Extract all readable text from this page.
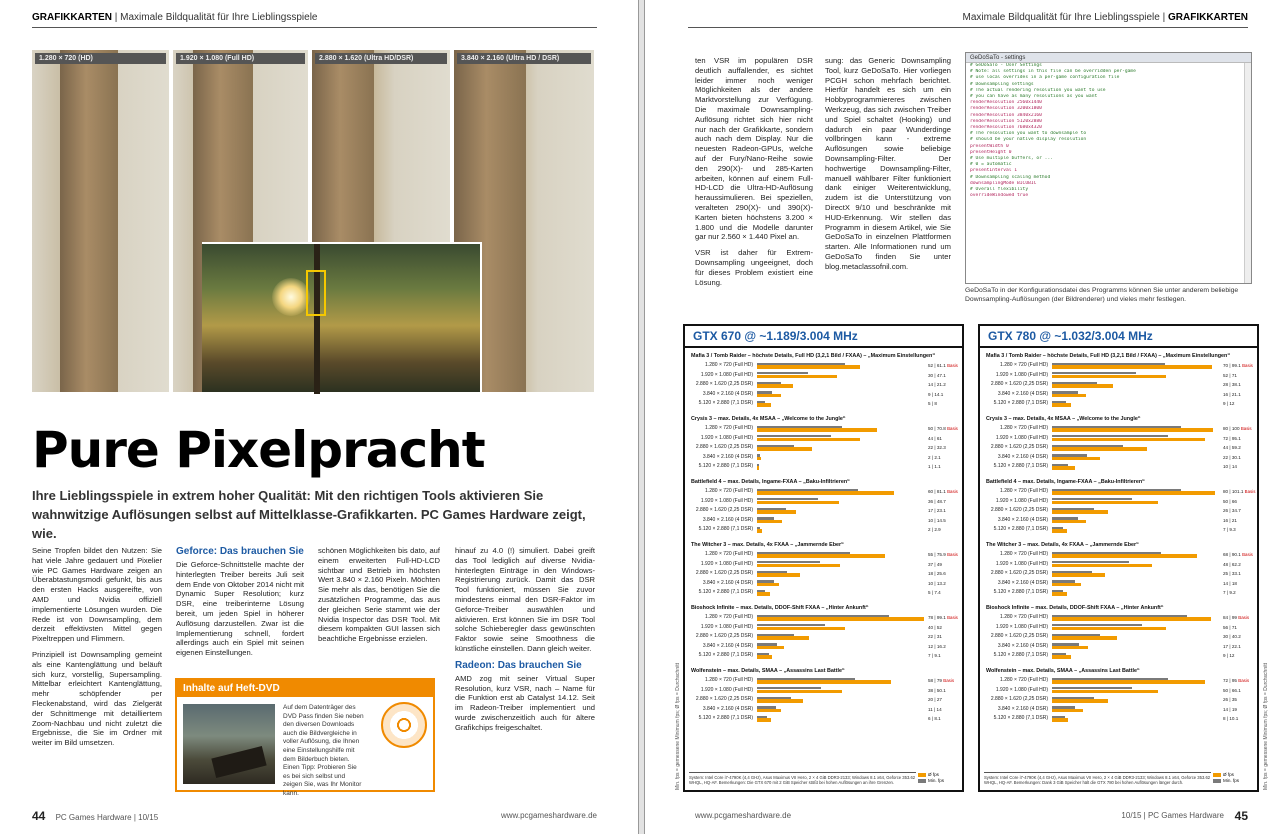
GRAFIKKARTEN | Maximale Bildqualität für Ihre Lieblingsspiele
1.280 × 720 (HD)	1.920 × 1.080 (Full HD)	2.880 × 1.620 (Ultra HD/DSR)	3.840 × 2.160 (Ultra HD / DSR)
Pure Pixelpracht

Ihre Lieblingsspiele in extrem hoher Qualität: Mit den richtigen Tools aktivieren Sie wahnwitzige Auflösungen selbst auf Mittelklasse-Grafikkarten. PC Games Hardware zeigt, wie.

Seine Tropfen bildet den Nutzen: Sie hat viele Jahre gedauert und Pixelier wie PC Games Hardware zeigen an Überabtastungsmodi gefunkt, bis aus den ersten Hacks ausgereifte, von AMD und Nvidia offiziell implementierte Lösungen wurden. Die Rede ist von Downsampling, dem derzeit effektivsten Mittel gegen Pixeltreppen und Flimmern.

Prinzipiell ist Downsampling gemeint als eine Kantenglättung und beläuft sich kurz, vorstellig, Supersampling. Mittelbar erleichtert Kantenglättung, mehr schöpfender per Fleckenabstand, wird das Zielgerät der Schnittmenge mit detailliertem Zoom-Nachbau und nicht zuletzt die Ergebnisse, die Sie im Ordner mit weiter im Bild umsetzen.

Geforce: Das brauchen Sie

Die Geforce-Schnittstelle machte der hinterlegten Treiber bereits Juli seit dem Ende von Oktober 2014 nicht mit Dynamic Super Resolution; kurz DSR, eine treiberinterne Lösung bereit, um jeden Spiel in höherer Auflösung darzustellen. Zwar ist die Implementierung schnell, fordert allerdings auch ein Spiel mit seinen eigenen Einstellungen.

schönen Möglichkeiten bis dato, auf einem erweiterten Full-HD-LCD sichtbar und Betrieb im höchsten Wert 3.840 × 2.160 Pixeln. Möchten Sie mehr als das, benötigen Sie die zusätzlichen Programme, das aus der gleichen Serie stammt wie der Nvidia Inspector das DSR Tool. Mit diesem kompakten GUI lassen sich beachtliche Ergebnisse erzielen.

hinauf zu 4.0 (!) simuliert. Dabei greift das Tool lediglich auf diverse Nvidia-hinterlegten Einträge in den Windows-Registrierung zurück. Damit das DSR Tool funktioniert, müssen Sie zuvor mindestens einmal den DSR-Faktor im Geforce-Treiber auswählen und aktivieren. Erst können Sie im DSR Tool solche Schieberegler dass gewünschten Faktor sowie seine Smoothness die künstliche einstellen. Dann gleich weiter.

Radeon: Das brauchen Sie

AMD zog mit seiner Virtual Super Resolution, kurz VSR, nach – Name für die Funktion erst ab Catalyst 14.12. Seit im Radeon-Treiber implementiert und wurde zwischenzeitlich auch für ältere Grafikchips freigeschaltet.

Inhalte auf Heft-DVD
Auf dem Datenträger des DVD Pass finden Sie neben den diversen Downloads auch die Bildvergleiche in voller Auflösung, die Ihnen eine Einstellungshilfe mit dem Bilderbuch bieten. Einen Tipp: Probieren Sie es bei sich selbst und zeigen Sie, was Ihr Monitor kann.
44 PC Games Hardware | 10/15	www.pcgameshardware.de
Maximale Bildqualität für Ihre Lieblingsspiele | GRAFIKKARTEN

ten VSR im populären DSR deutlich auffallender, es sichtet leider immer noch weniger Möglichkeiten als der andere Marktvorstellung zur Verfügung. Die maximale Downsampling-Auflösung richtet sich hier nicht nur nach der Grafikkarte, sondern auch nach dem Display. Nur die neuesten Radeon-GPUs, welche auf der Fury/Nano-Reihe sowie den 290(X)- und 285-Karten arbeiten, können auf einem Full-HD-LCD die Ultra-HD-Auflösung heraussimulieren. Bei speziellen, veralteten 290(X)- und 390(X)-Karten bieten höchstens 3.200 × 1.800 und die Modelle darunter gar nur 2.560 × 1.440 Pixel an.

VSR ist daher für Extrem-Downsampling ungeeignet, doch für dieses Problem existiert eine Lösung.

sung: das Generic Downsampling Tool, kurz GeDoSaTo. Hier vorliegen PCGH schon mehrfach berichtet. Hierfür handelt es sich um ein Hobbyprogrammiereres zwischen Werkzeug, das sich zwischen Treiber und Spiel schaltet (Hooking) und dadurch ein paar Wunderdinge vollbringen kann - extreme Auflösungen sowie beliebige Downsampling-Filter. Der hochwertige Downsampling-Filter, manuell wählbarer Filter funktioniert dank einiger Weiterentwicklung, zudem ist die Unterstützung von DirectX 9/10 und beschränkte mit HUD-Erkennung. Wir stellen das Programm in diesem Artikel, wie Sie GeDoSaTo in einzelnen Plattformen starten. Alle Informationen rund um GeDoSaTo finden Sie unter blog.metaclassofnil.com.

GeDoSaTo - settings
# GeDoSaTo - User Settings
# Note: all settings in this file can be overridden per-game
# use local overrides in a per-game configuration file
# Downsampling settings
# The actual rendering resolution you want to use
# you can have as many resolutions as you want
renderResolution 2560x1440
renderResolution 3200x1800
renderResolution 3840x2160
renderResolution 5120x2880
renderResolution 7680x4320
# The resolution you want to downsample to
# should be your native display resolution
presentWidth 0
presentHeight 0
# Use multiple buffers, or ...
# 0 = automatic
presentInterval 1
# Downsampling scaling method
downsamplingMode BICUBIC
# Overall flexibility
overrideWindowed true
GeDoSaTo in der Konfigurationsdatei des Programms können Sie unter anderem beliebige Downsampling-Auflösungen (der Bildrenderer) und vieles mehr festlegen.
GTX 670 @ ~1.189/3.004 MHz
Mafia 3 / Tomb Raider – höchste Details, Full HD (3,2,1 Bild / FXAA) – „Maximum Einstellungen“
1.280 × 720 (Full HD)	52 | 61.1 Basis
1.920 × 1.080 (Full HD)	30 | 47.1
2.880 × 1.620 (2,25 DSR)	14 | 21.2
3.840 × 2.160 (4 DSR)	9 | 14.1
5.120 × 2.880 (7,1 DSR)	5 | 8
Crysis 3 – max. Details, 4x MSAA – „Welcome to the Jungle“
1.280 × 720 (Full HD)	50 | 70.8 Basis
1.920 × 1.080 (Full HD)	44 | 61
2.880 × 1.620 (2,25 DSR)	22 | 32.3
3.840 × 2.160 (4 DSR)	2 | 2.1
5.120 × 2.880 (7,1 DSR)	1 | 1.1
Battlefield 4 – max. Details, Ingame-FXAA – „Baku-Infiltrieren“
1.280 × 720 (Full HD)	60 | 81.1 Basis
1.920 × 1.080 (Full HD)	36 | 48.7
2.880 × 1.620 (2,25 DSR)	17 | 23.1
3.840 × 2.160 (4 DSR)	10 | 14.5
5.120 × 2.880 (7,1 DSR)	2 | 2.9
The Witcher 3 – max. Details, 4x FXAA – „Jammernde Eber“
1.280 × 720 (Full HD)	55 | 75.9 Basis
1.920 × 1.080 (Full HD)	37 | 49
2.880 × 1.620 (2,25 DSR)	18 | 25.6
3.840 × 2.160 (4 DSR)	10 | 13.2
5.120 × 2.880 (7,1 DSR)	5 | 7.4
Bioshock Infinite – max. Details, DDOF-Shift FXAA – „Hinter Ankunft“
1.280 × 720 (Full HD)	78 | 99.1 Basis
1.920 × 1.080 (Full HD)	40 | 52
2.880 × 1.620 (2,25 DSR)	22 | 31
3.840 × 2.160 (4 DSR)	12 | 16.2
5.120 × 2.880 (7,1 DSR)	7 | 9.1
Wolfenstein – max. Details, SMAA – „Assassins Last Battle“
1.280 × 720 (Full HD)	58 | 79 Basis
1.920 × 1.080 (Full HD)	38 | 50.1
2.880 × 1.620 (2,25 DSR)	20 | 27
3.840 × 2.160 (4 DSR)	11 | 14
5.120 × 2.880 (7,1 DSR)	6 | 8.1
System: Intel Core i7-4790K (4,4 GHz), Asus Maximus VII Hero, 2 × 4 GiB DDR3-2133; Windows 8.1 x64, Geforce 353.62 WHQL, HQ-AF. Bemerkungen: Die GTX 670 mit 2 GiB Speicher stößt bei hohen Auflösungen an ihre Grenzen.
Ø fps
Min. fps
GTX 780 @ ~1.032/3.004 MHz
Mafia 3 / Tomb Raider – höchste Details, Full HD (3,2,1 Bild / FXAA) – „Maximum Einstellungen“
1.280 × 720 (Full HD)	70 | 99.1 Basis
1.920 × 1.080 (Full HD)	52 | 71
2.880 × 1.620 (2,25 DSR)	28 | 38.1
3.840 × 2.160 (4 DSR)	16 | 21.1
5.120 × 2.880 (7,1 DSR)	9 | 12
Crysis 3 – max. Details, 4x MSAA – „Welcome to the Jungle“
1.280 × 720 (Full HD)	80 | 100 Basis
1.920 × 1.080 (Full HD)	72 | 95.1
2.880 × 1.620 (2,25 DSR)	44 | 59.2
3.840 × 2.160 (4 DSR)	22 | 30.1
5.120 × 2.880 (7,1 DSR)	10 | 14
Battlefield 4 – max. Details, Ingame-FXAA – „Baku-Infiltrieren“
1.280 × 720 (Full HD)	80 | 101.1 Basis
1.920 × 1.080 (Full HD)	50 | 66
2.880 × 1.620 (2,25 DSR)	26 | 34.7
3.840 × 2.160 (4 DSR)	16 | 21
5.120 × 2.880 (7,1 DSR)	7 | 9.3
The Witcher 3 – max. Details, 4x FXAA – „Jammernde Eber“
1.280 × 720 (Full HD)	68 | 90.1 Basis
1.920 × 1.080 (Full HD)	48 | 62.2
2.880 × 1.620 (2,25 DSR)	25 | 33.1
3.840 × 2.160 (4 DSR)	14 | 18
5.120 × 2.880 (7,1 DSR)	7 | 9.2
Bioshock Infinite – max. Details, DDOF-Shift FXAA – „Hinter Ankunft“
1.280 × 720 (Full HD)	84 | 99 Basis
1.920 × 1.080 (Full HD)	56 | 71
2.880 × 1.620 (2,25 DSR)	30 | 40.2
3.840 × 2.160 (4 DSR)	17 | 22.1
5.120 × 2.880 (7,1 DSR)	9 | 12
Wolfenstein – max. Details, SMAA – „Assassins Last Battle“
1.280 × 720 (Full HD)	72 | 95 Basis
1.920 × 1.080 (Full HD)	50 | 66.1
2.880 × 1.620 (2,25 DSR)	26 | 35
3.840 × 2.160 (4 DSR)	14 | 19
5.120 × 2.880 (7,1 DSR)	8 | 10.1
System: Intel Core i7-4790K (4,4 GHz), Asus Maximus VII Hero, 2 × 4 GiB DDR3-2133; Windows 8.1 x64, Geforce 353.62 WHQL, HQ-AF. Bemerkungen: Dank 3 GiB Speicher hält die GTX 780 bei hohen Auflösungen länger durch.
Ø fps
Min. fps
Min. fps = gemessene Minimum fps; Ø fps = Durchschnitt	Min. fps = gemessene Minimum fps; Ø fps = Durchschnitt
www.pcgameshardware.de	10/15 | PC Games Hardware 45
